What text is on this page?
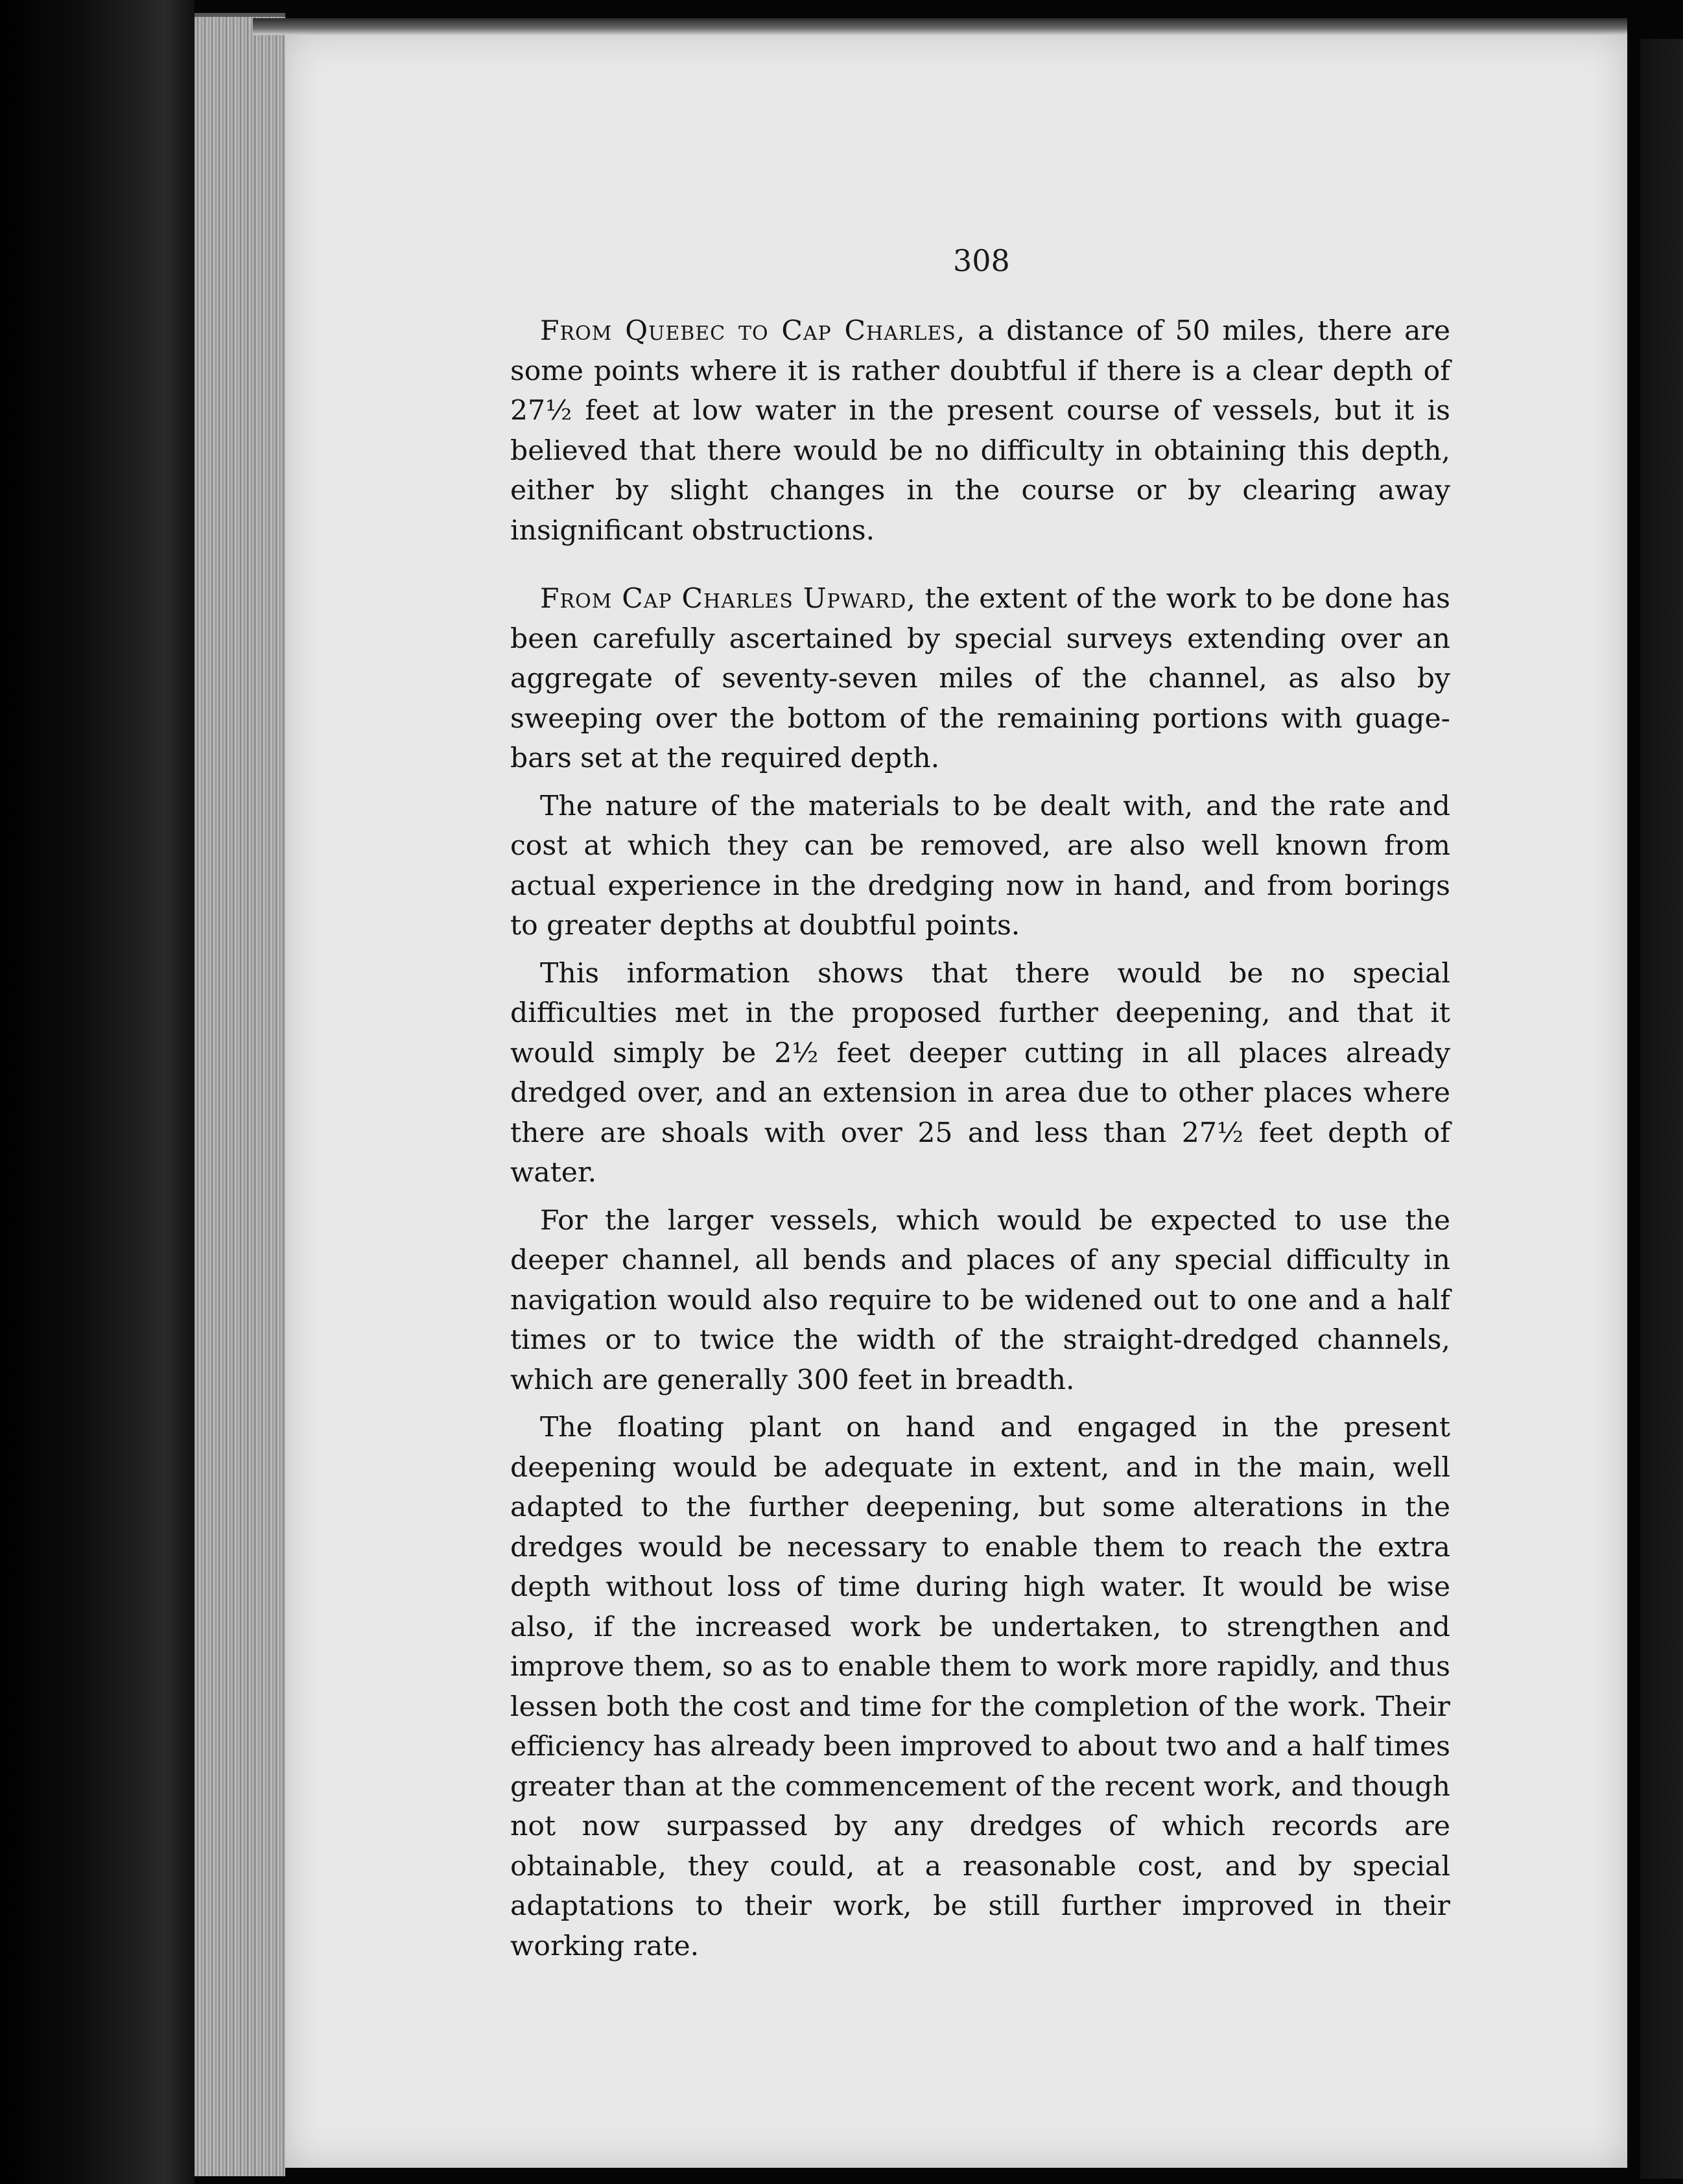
308

From Quebec to Cap Charles, a distance of 50 miles, there are some points where it is rather doubtful if there is a clear depth of 27½ feet at low water in the present course of vessels, but it is believed that there would be no difficulty in obtaining this depth, either by slight changes in the course or by clearing away insignificant obstructions.

From Cap Charles Upward, the extent of the work to be done has been carefully ascertained by special surveys extending over an aggregate of seventy-seven miles of the channel, as also by sweeping over the bottom of the remaining portions with guage-bars set at the required depth.

The nature of the materials to be dealt with, and the rate and cost at which they can be removed, are also well known from actual experience in the dredging now in hand, and from borings to greater depths at doubtful points.

This information shows that there would be no special difficulties met in the proposed further deepening, and that it would simply be 2½ feet deeper cutting in all places already dredged over, and an extension in area due to other places where there are shoals with over 25 and less than 27½ feet depth of water.

For the larger vessels, which would be expected to use the deeper channel, all bends and places of any special difficulty in navigation would also require to be widened out to one and a half times or to twice the width of the straight-dredged channels, which are generally 300 feet in breadth.

The floating plant on hand and engaged in the present deepening would be adequate in extent, and in the main, well adapted to the further deepening, but some alterations in the dredges would be necessary to enable them to reach the extra depth without loss of time during high water. It would be wise also, if the increased work be undertaken, to strengthen and improve them, so as to enable them to work more rapidly, and thus lessen both the cost and time for the completion of the work. Their efficiency has already been improved to about two and a half times greater than at the commencement of the recent work, and though not now surpassed by any dredges of which records are obtainable, they could, at a reasonable cost, and by special adaptations to their work, be still further improved in their working rate.
